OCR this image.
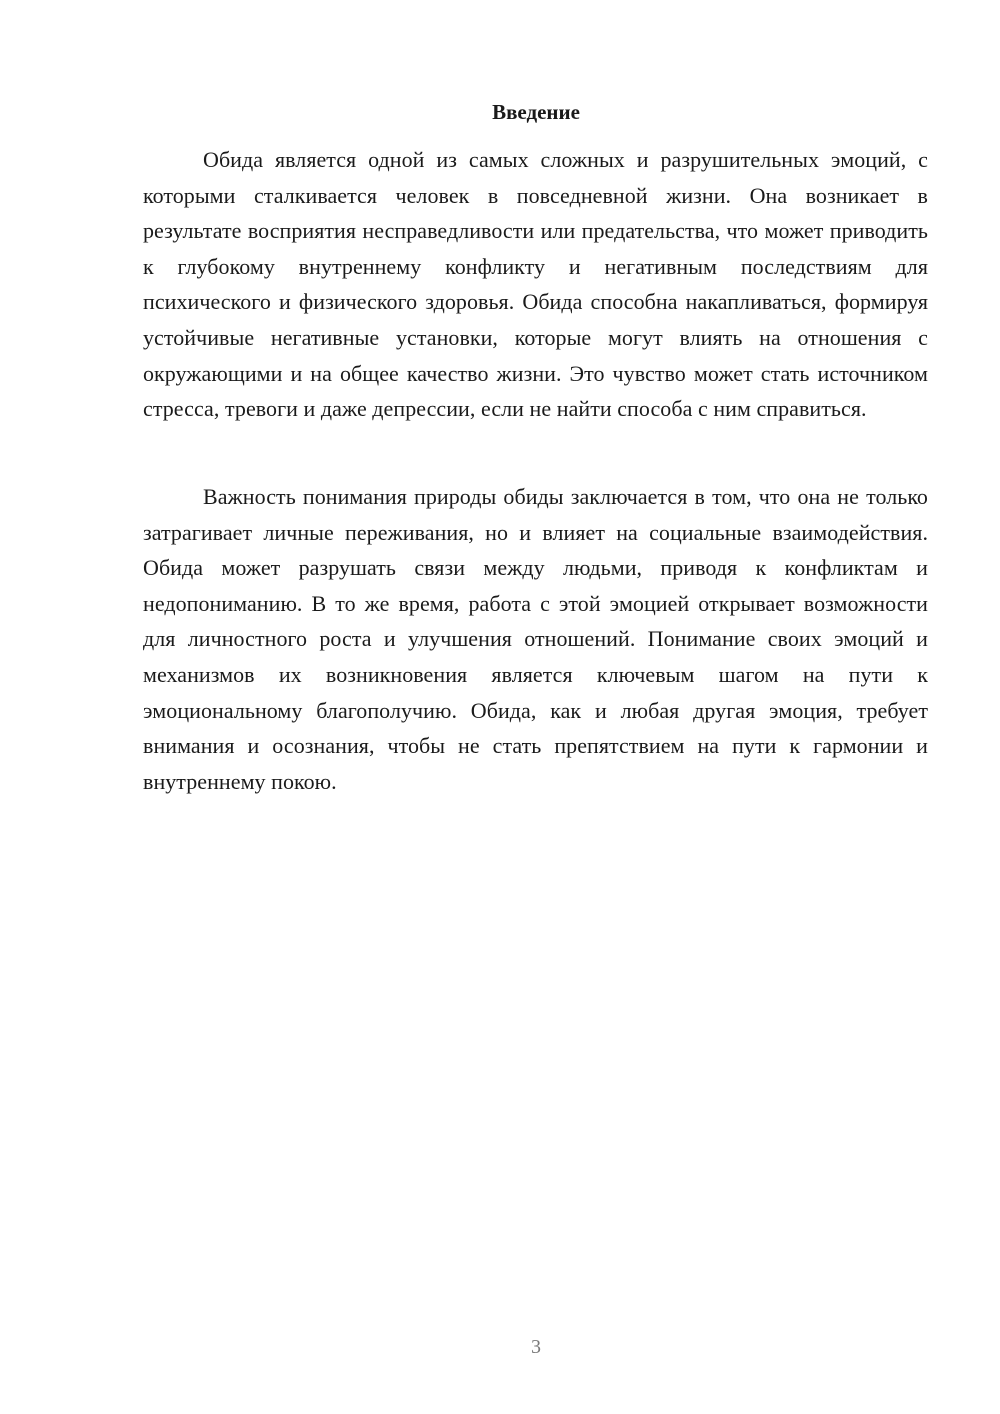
Введение

Обида является одной из самых сложных и разрушительных эмоций, с которыми сталкивается человек в повседневной жизни. Она возникает в результате восприятия несправедливости или предательства, что может приводить к глубокому внутреннему конфликту и негативным последствиям для психического и физического здоровья. Обида способна накапливаться, формируя устойчивые негативные установки, которые могут влиять на отношения с окружающими и на общее качество жизни. Это чувство может стать источником стресса, тревоги и даже депрессии, если не найти способа с ним справиться.

Важность понимания природы обиды заключается в том, что она не только затрагивает личные переживания, но и влияет на социальные взаимодействия. Обида может разрушать связи между людьми, приводя к конфликтам и недопониманию. В то же время, работа с этой эмоцией открывает возможности для личностного роста и улучшения отношений. Понимание своих эмоций и механизмов их возникновения является ключевым шагом на пути к эмоциональному благополучию. Обида, как и любая другая эмоция, требует внимания и осознания, чтобы не стать препятствием на пути к гармонии и внутреннему покою.

3
